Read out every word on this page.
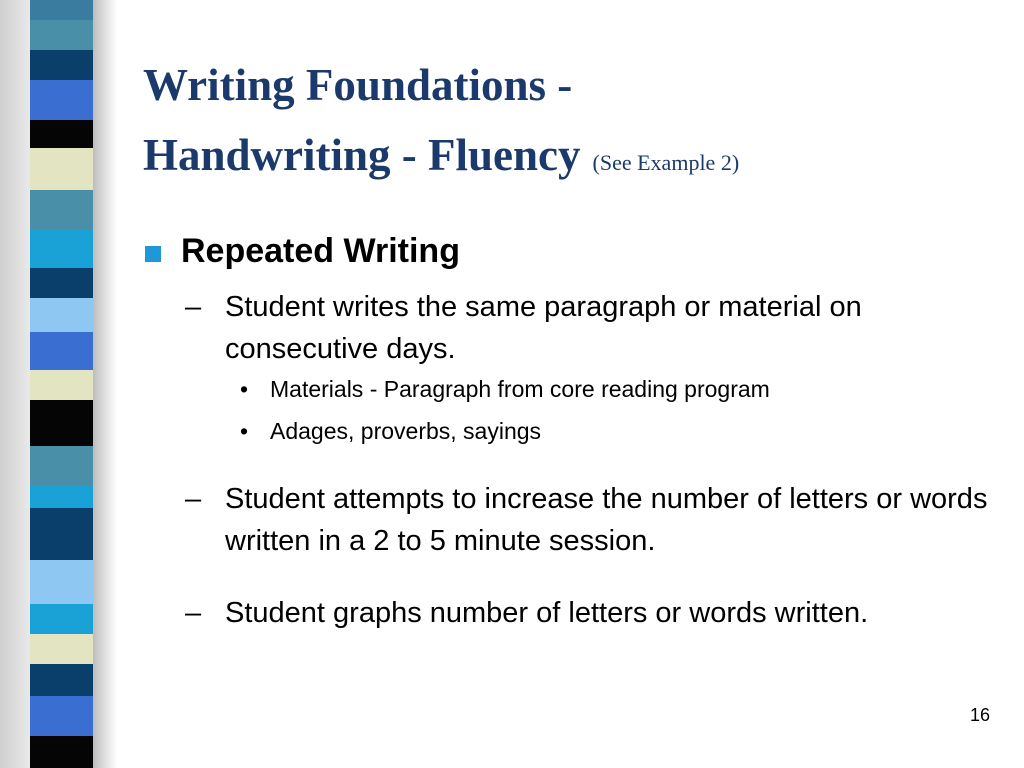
Writing Foundations -
Handwriting - Fluency (See Example 2)
Repeated Writing
– Student writes the same paragraph or material on consecutive days.
• Materials - Paragraph from core reading program
• Adages, proverbs, sayings
– Student attempts to increase the number of letters or words written in a 2 to 5 minute session.
– Student graphs number of letters or words written.
16
